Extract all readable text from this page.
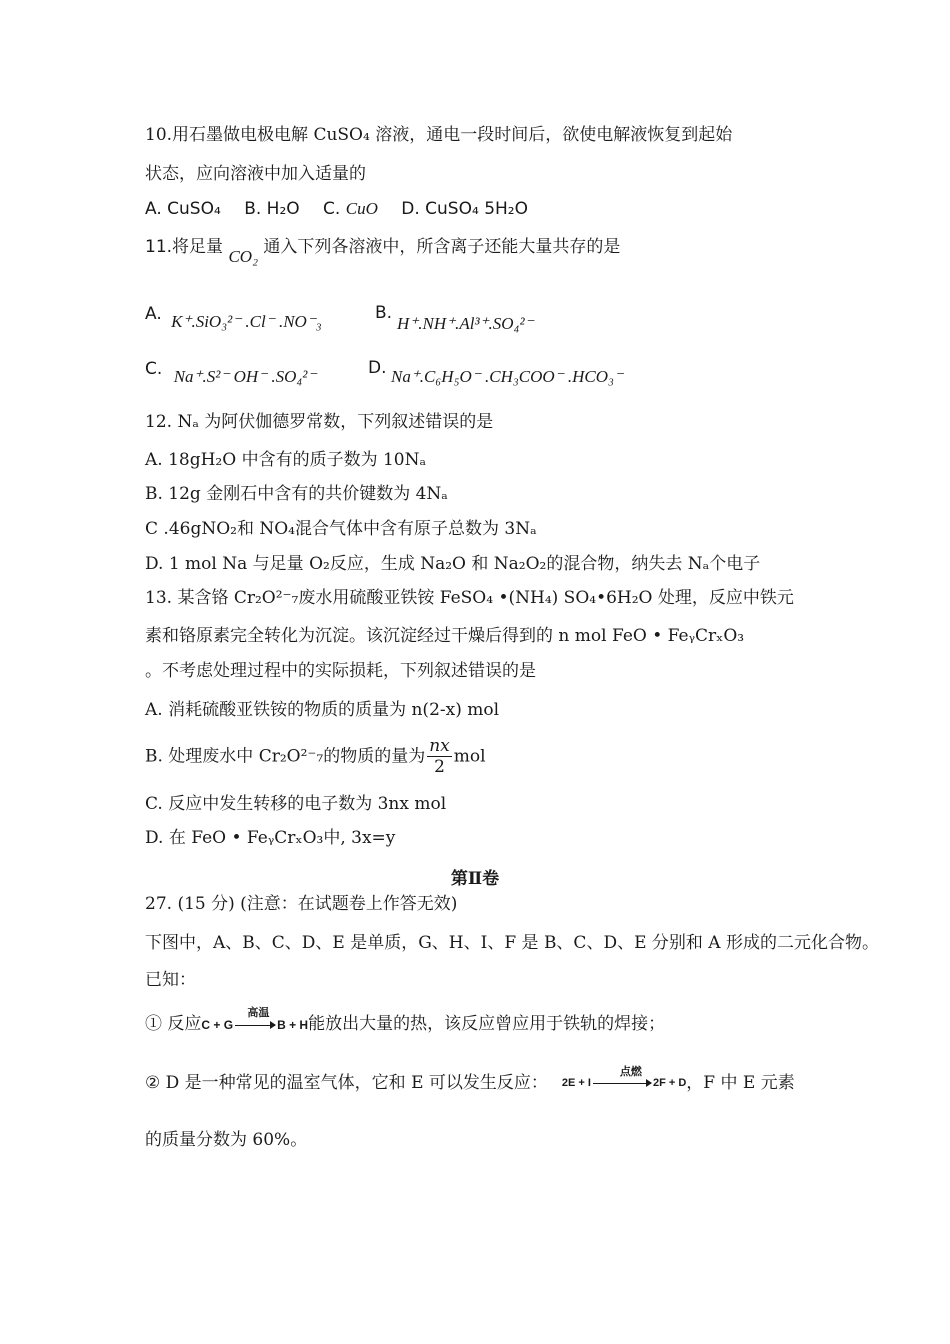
10.用石墨做电极电解 CuSO₄ 溶液，通电一段时间后，欲使电解液恢复到起始
状态，应向溶液中加入适量的
A. CuSO₄ B. H₂O C. CuO D. CuSO₄ 5H₂O
11.将足量 CO₂ 通入下列各溶液中，所含离子还能大量共存的是
A. K⁺.SiO₃²⁻ .Cl⁻ .NO⁻₃	B.
H⁺.NH⁺.Al³⁺.SO₄²⁻
C. Na⁺.S²⁻ OH⁻ .SO₄²⁻	D. Na⁺.C₆H₅O⁻ .CH₃COO⁻ .HCO₃⁻
12. Nₐ 为阿伏伽德罗常数，下列叙述错误的是
A. 18gH₂O 中含有的质子数为 10Nₐ
B. 12g 金刚石中含有的共价键数为 4Nₐ
C .46gNO₂和 NO₄混合气体中含有原子总数为 3Nₐ
D. 1 mol Na 与足量 O₂反应，生成 Na₂O 和 Na₂O₂的混合物，纳失去 Nₐ个电子
13. 某含铬 Cr₂O²⁻₇废水用硫酸亚铁铵 FeSO₄ •(NH₄) SO₄•6H₂O 处理，反应中铁元
素和铬原素完全转化为沉淀。该沉淀经过干燥后得到的 n mol FeO • FeᵧCrₓO₃
。不考虑处理过程中的实际损耗，下列叙述错误的是
A. 消耗硫酸亚铁铵的物质的质量为 n(2-x) mol
B. 处理废水中 Cr₂O²⁻₇的物质的量为 $\frac{nx}{2}$ mol
C. 反应中发生转移的电子数为 3nx mol
D. 在 FeO • FeᵧCrₓO₃中, 3x=y
第Ⅱ卷
27. (15 分) (注意：在试题卷上作答无效)
下图中，A、B、C、D、E 是单质，G、H、I、F 是 B、C、D、E 分别和 A 形成的二元化合物。
已知：
① 反应C + G →
高温
B + H能放出大量的热，该反应曾应用于铁轨的焊接；
② D 是一种常见的温室气体，它和 E 可以发生反应： 2E + I
点燃
2F + D，F 中 E 元素
的质量分数为 60%。
